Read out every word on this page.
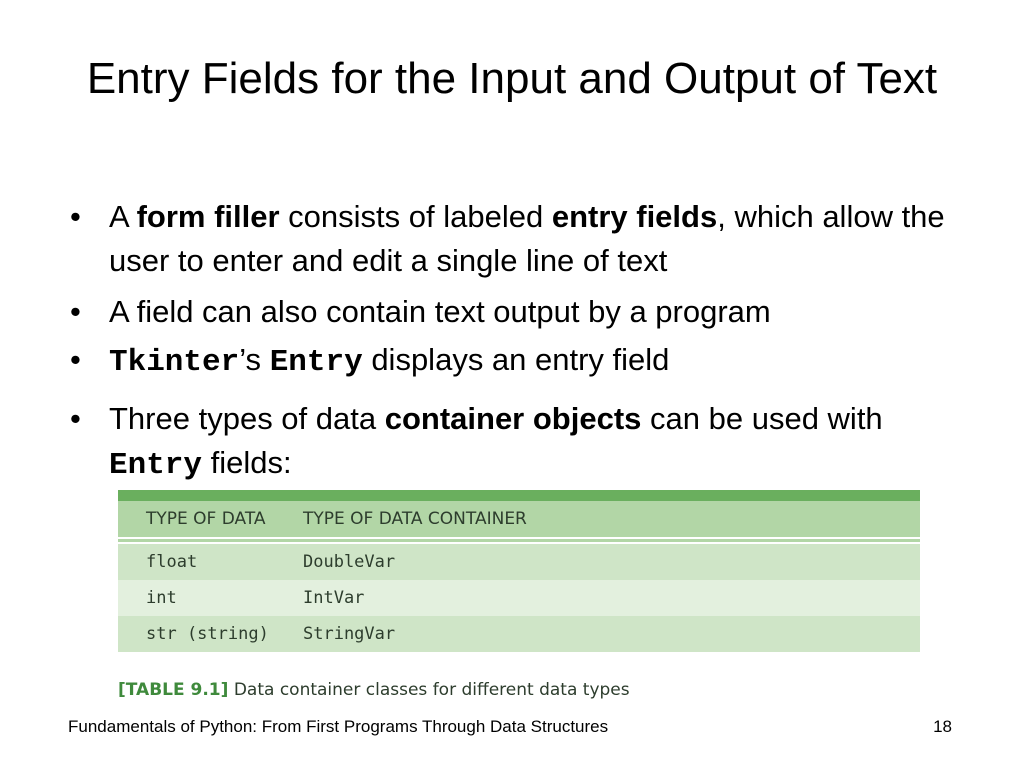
Entry Fields for the Input and Output of Text
• A form filler consists of labeled entry fields, which allow the user to enter and edit a single line of text
• A field can also contain text output by a program
• Tkinter’s Entry displays an entry field
• Three types of data container objects can be used with Entry fields:
TYPE OF DATA	TYPE OF DATA CONTAINER
float	DoubleVar
int	IntVar
str (string)	StringVar
[TABLE 9.1] Data container classes for different data types
Fundamentals of Python: From First Programs Through Data Structures	18
